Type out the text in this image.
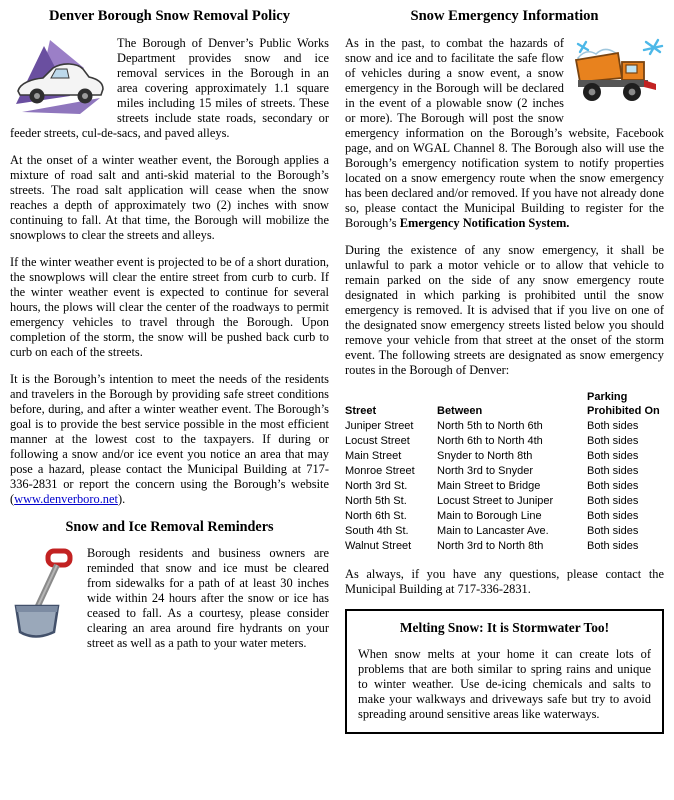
Denver Borough Snow Removal Policy

The Borough of Denver’s Public Works Department provides snow and ice removal services in the Borough in an area covering approximately 1.1 square miles including 15 miles of streets. These streets include state roads, secondary or feeder streets, cul-de-sacs, and paved alleys.

At the onset of a winter weather event, the Borough applies a mixture of road salt and anti-skid material to the Borough’s streets. The road salt application will cease when the snow reaches a depth of approximately two (2) inches with snow continuing to fall. At that time, the Borough will mobilize the snowplows to clear the streets and alleys.

If the winter weather event is projected to be of a short duration, the snowplows will clear the entire street from curb to curb. If the winter weather event is expected to continue for several hours, the plows will clear the center of the roadways to permit emergency vehicles to travel through the Borough. Upon completion of the storm, the snow will be pushed back curb to curb on each of the streets.

It is the Borough’s intention to meet the needs of the residents and travelers in the Borough by providing safe street conditions before, during, and after a winter weather event. The Borough’s goal is to provide the best service possible in the most efficient manner at the lowest cost to the taxpayers. If during or following a snow and/or ice event you notice an area that may pose a hazard, please contact the Municipal Building at 717-336-2831 or report the concern using the Borough’s website (www.denverboro.net).

Snow and Ice Removal Reminders

Borough residents and business owners are reminded that snow and ice must be cleared from sidewalks for a path of at least 30 inches wide within 24 hours after the snow or ice has ceased to fall. As a courtesy, please consider clearing an area around fire hydrants on your street as well as a path to your water meters.

Snow Emergency Information

As in the past, to combat the hazards of snow and ice and to facilitate the safe flow of vehicles during a snow event, a snow emergency in the Borough will be declared in the event of a plowable snow (2 inches or more). The Borough will post the snow emergency information on the Borough’s website, Facebook page, and on WGAL Channel 8. The Borough also will use the Borough’s emergency notification system to notify properties located on a snow emergency route when the snow emergency has been declared and/or removed. If you have not already done so, please contact the Municipal Building to register for the Borough’s Emergency Notification System.

During the existence of any snow emergency, it shall be unlawful to park a motor vehicle or to allow that vehicle to remain parked on the side of any snow emergency route designated in which parking is prohibited until the snow emergency is removed. It is advised that if you live on one of the designated snow emergency streets listed below you should remove your vehicle from that street at the onset of the storm event. The following streets are designated as snow emergency routes in the Borough of Denver:

Street	Between	Parking Prohibited On
Juniper Street	North 5th to North 6th	Both sides
Locust Street	North 6th to North 4th	Both sides
Main Street	Snyder to North 8th	Both sides
Monroe Street	North 3rd to Snyder	Both sides
North 3rd St.	Main Street to Bridge	Both sides
North 5th St.	Locust Street to Juniper	Both sides
North 6th St.	Main to Borough Line	Both sides
South 4th St.	Main to Lancaster Ave.	Both sides
Walnut Street	North 3rd to North 8th	Both sides

As always, if you have any questions, please contact the Municipal Building at 717-336-2831.

Melting Snow: It is Stormwater Too!

When snow melts at your home it can create lots of problems that are both similar to spring rains and unique to winter weather. Use de-icing chemicals and salts to make your walkways and driveways safe but try to avoid spreading around sensitive areas like waterways.
